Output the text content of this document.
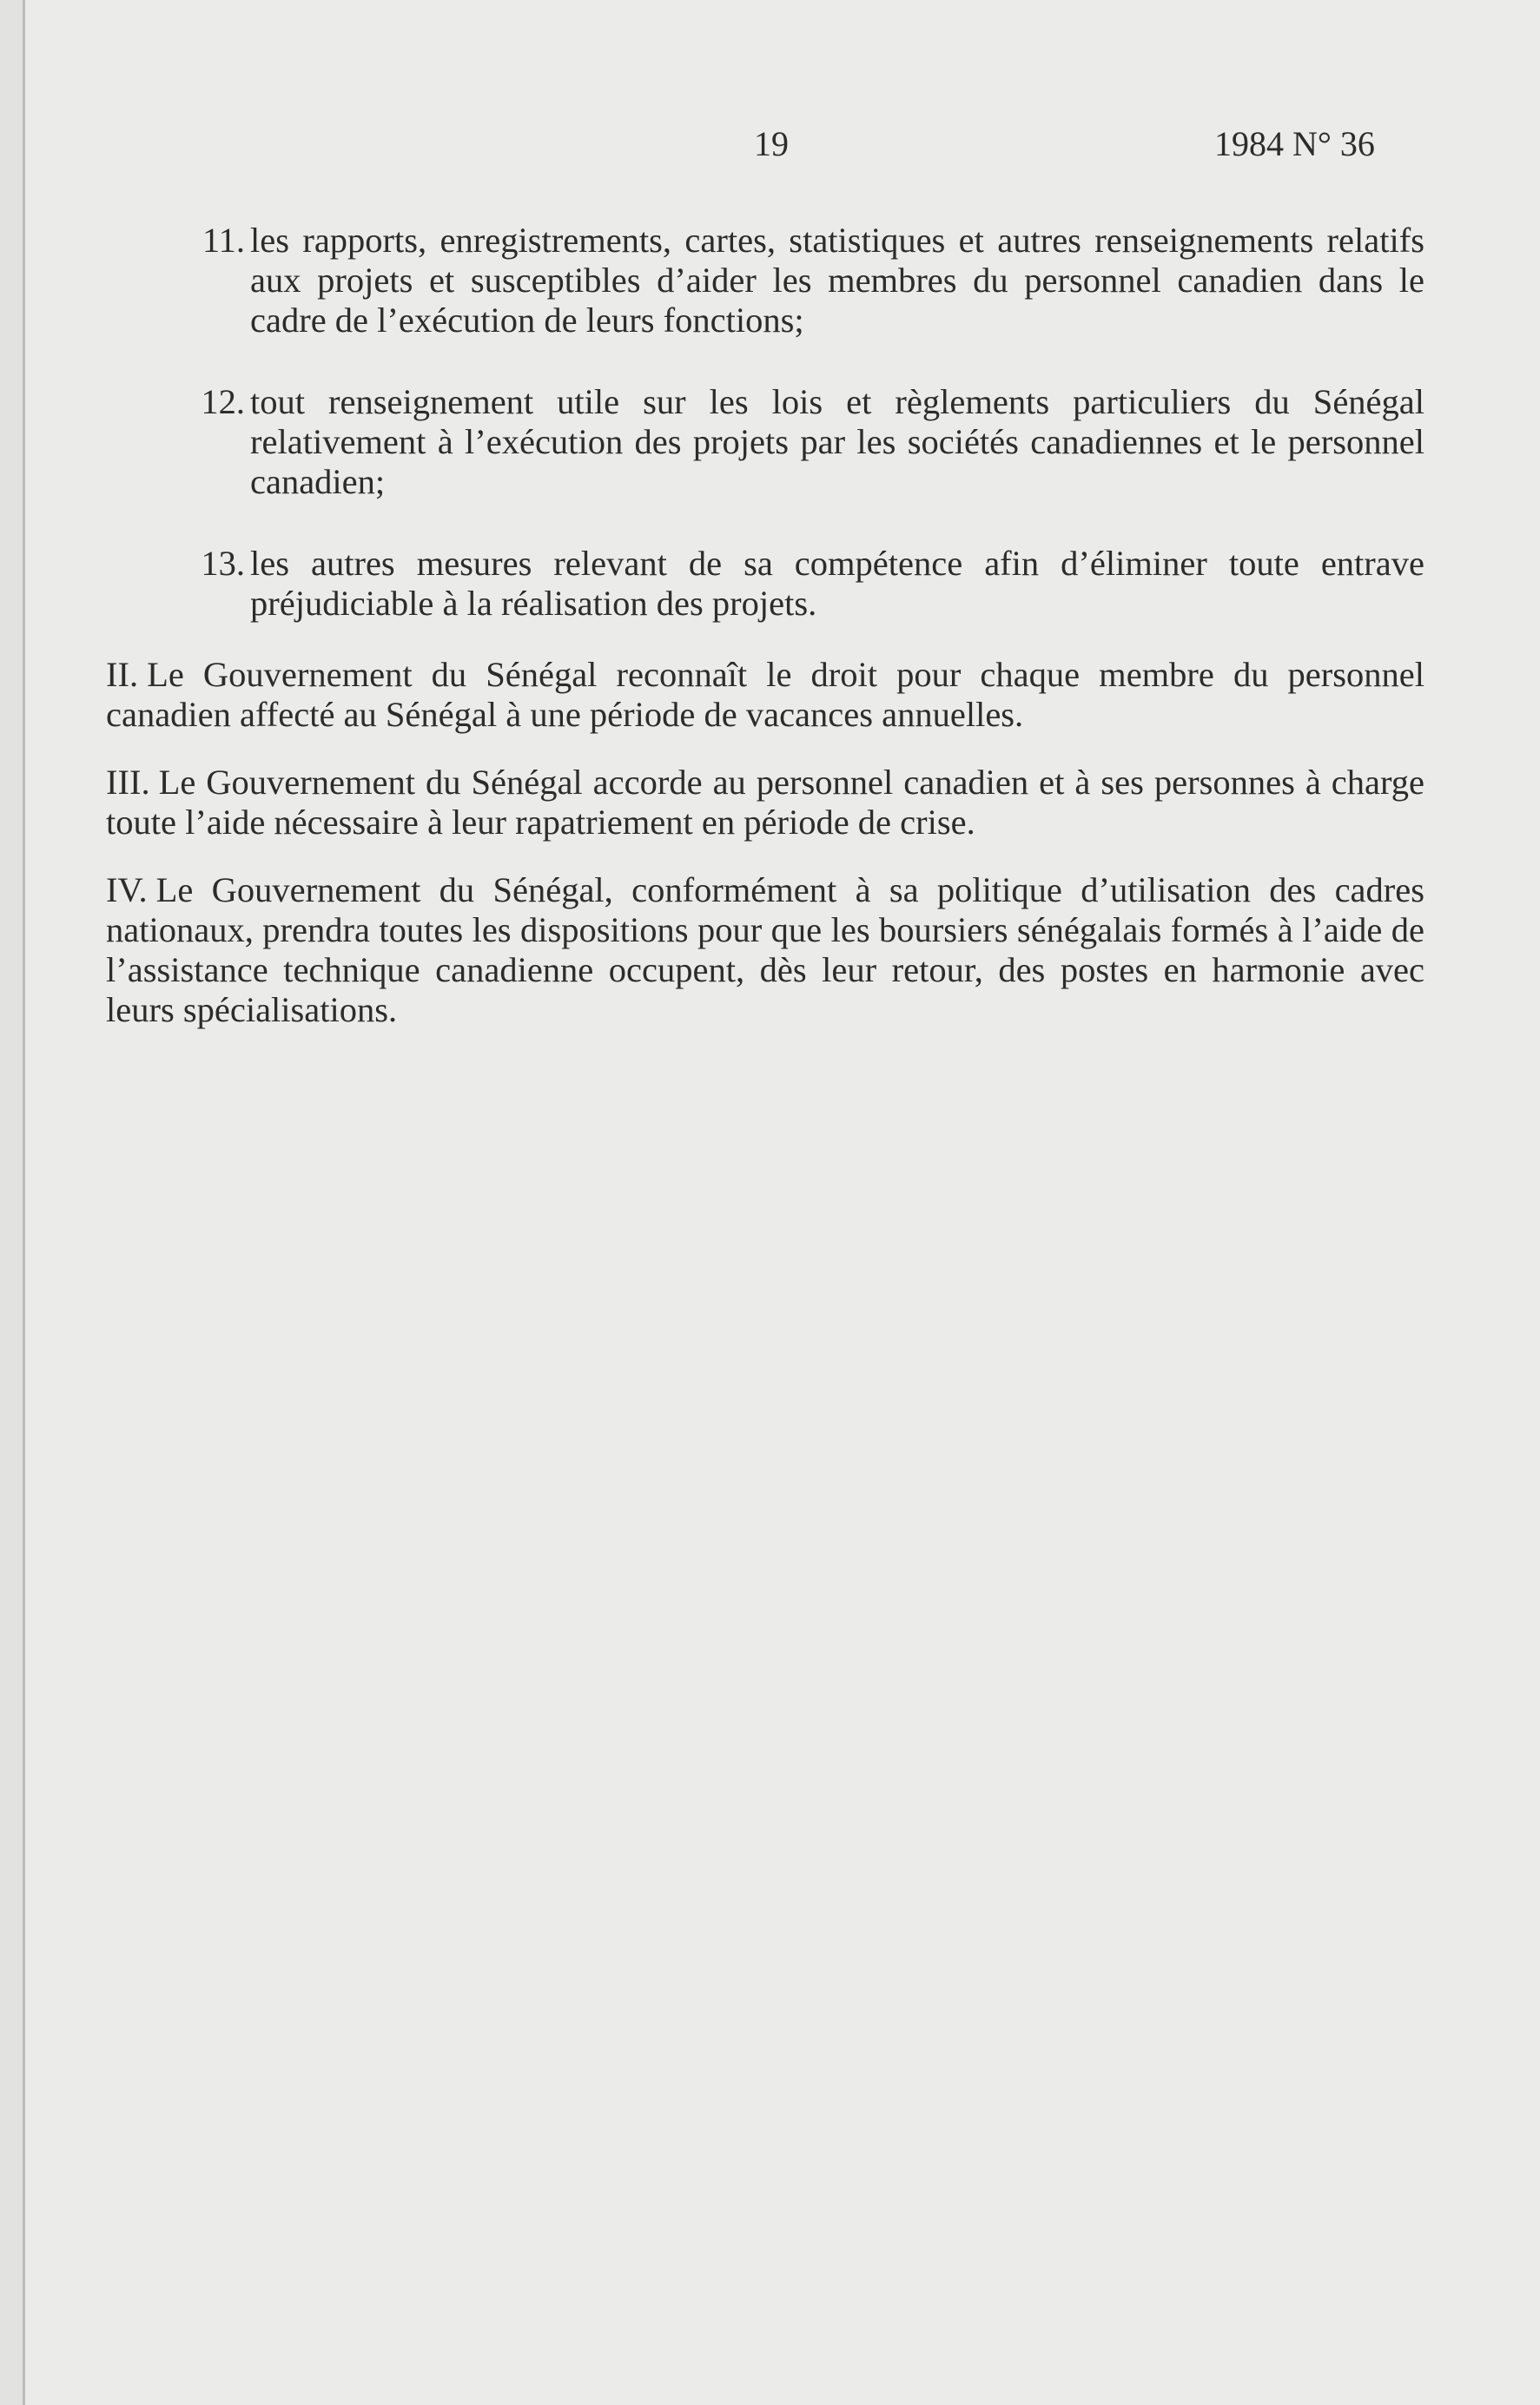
19	1984 N° 36
11. les rapports, enregistrements, cartes, statistiques et autres renseignements relatifs aux projets et susceptibles d’aider les membres du personnel canadien dans le cadre de l’exécution de leurs fonctions;
12. tout renseignement utile sur les lois et règlements particuliers du Sénégal relativement à l’exécution des projets par les sociétés canadiennes et le personnel canadien;
13. les autres mesures relevant de sa compétence afin d’éliminer toute entrave préjudiciable à la réalisation des projets.

II. Le Gouvernement du Sénégal reconnaît le droit pour chaque membre du personnel canadien affecté au Sénégal à une période de vacances annuelles.

III. Le Gouvernement du Sénégal accorde au personnel canadien et à ses personnes à charge toute l’aide nécessaire à leur rapatriement en période de crise.

IV. Le Gouvernement du Sénégal, conformément à sa politique d’utilisation des cadres nationaux, prendra toutes les dispositions pour que les boursiers sénégalais formés à l’aide de l’assistance technique canadienne occupent, dès leur retour, des postes en harmonie avec leurs spécialisations.
